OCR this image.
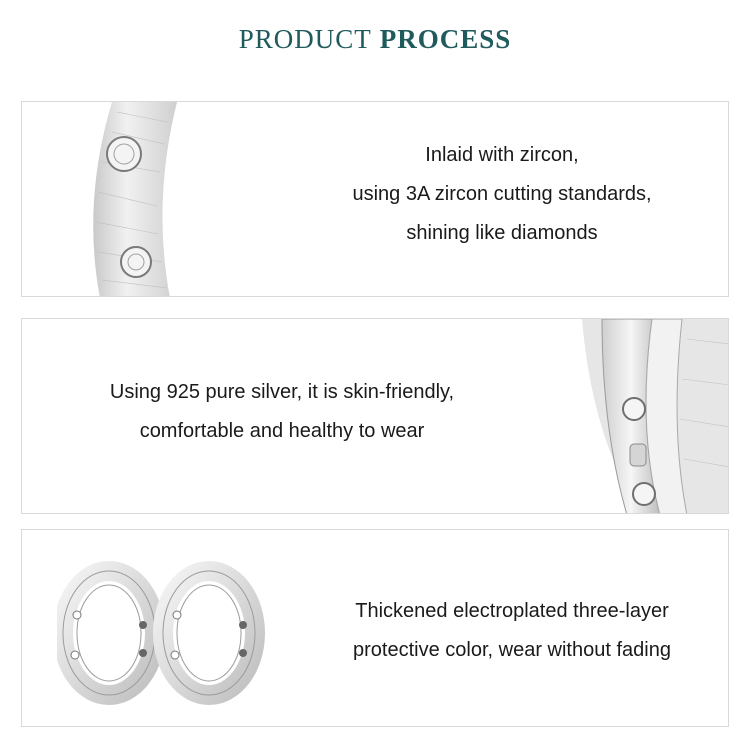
PRODUCT PROCESS
Inlaid with zircon,
using 3A zircon cutting standards,
shining like diamonds
Using 925 pure silver, it is skin-friendly,
comfortable and healthy to wear
Thickened electroplated three-layer
protective color, wear without fading
